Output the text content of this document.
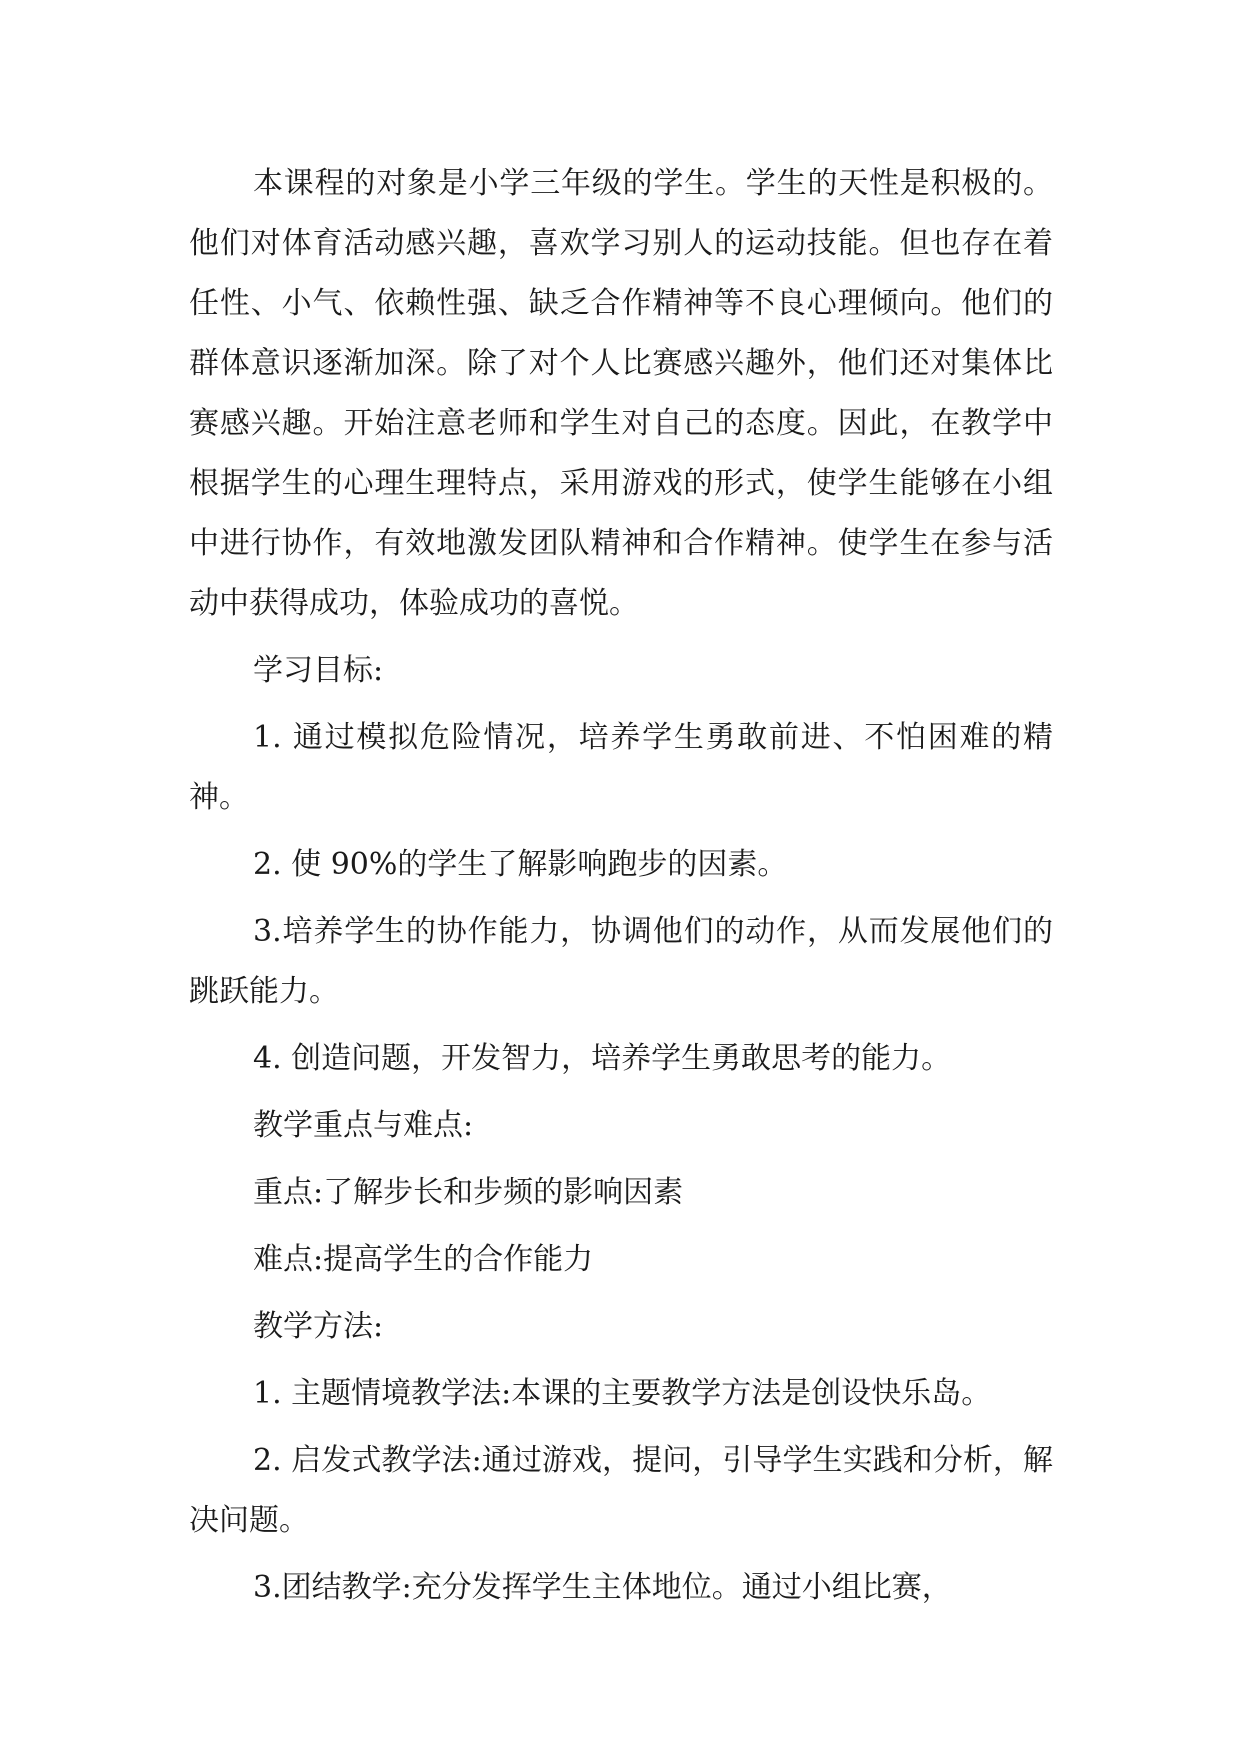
本课程的对象是小学三年级的学生。学生的天性是积极的。他们对体育活动感兴趣，喜欢学习别人的运动技能。但也存在着任性、小气、依赖性强、缺乏合作精神等不良心理倾向。他们的群体意识逐渐加深。除了对个人比赛感兴趣外，他们还对集体比赛感兴趣。开始注意老师和学生对自己的态度。因此，在教学中根据学生的心理生理特点，采用游戏的形式，使学生能够在小组中进行协作，有效地激发团队精神和合作精神。使学生在参与活动中获得成功，体验成功的喜悦。

学习目标:

1. 通过模拟危险情况，培养学生勇敢前进、不怕困难的精神。

2. 使 90%的学生了解影响跑步的因素。

3.培养学生的协作能力，协调他们的动作，从而发展他们的跳跃能力。

4. 创造问题，开发智力，培养学生勇敢思考的能力。

教学重点与难点:

重点:了解步长和步频的影响因素

难点:提高学生的合作能力

教学方法:

1. 主题情境教学法:本课的主要教学方法是创设快乐岛。

2. 启发式教学法:通过游戏，提问，引导学生实践和分析，解决问题。

3.团结教学:充分发挥学生主体地位。通过小组比赛，
